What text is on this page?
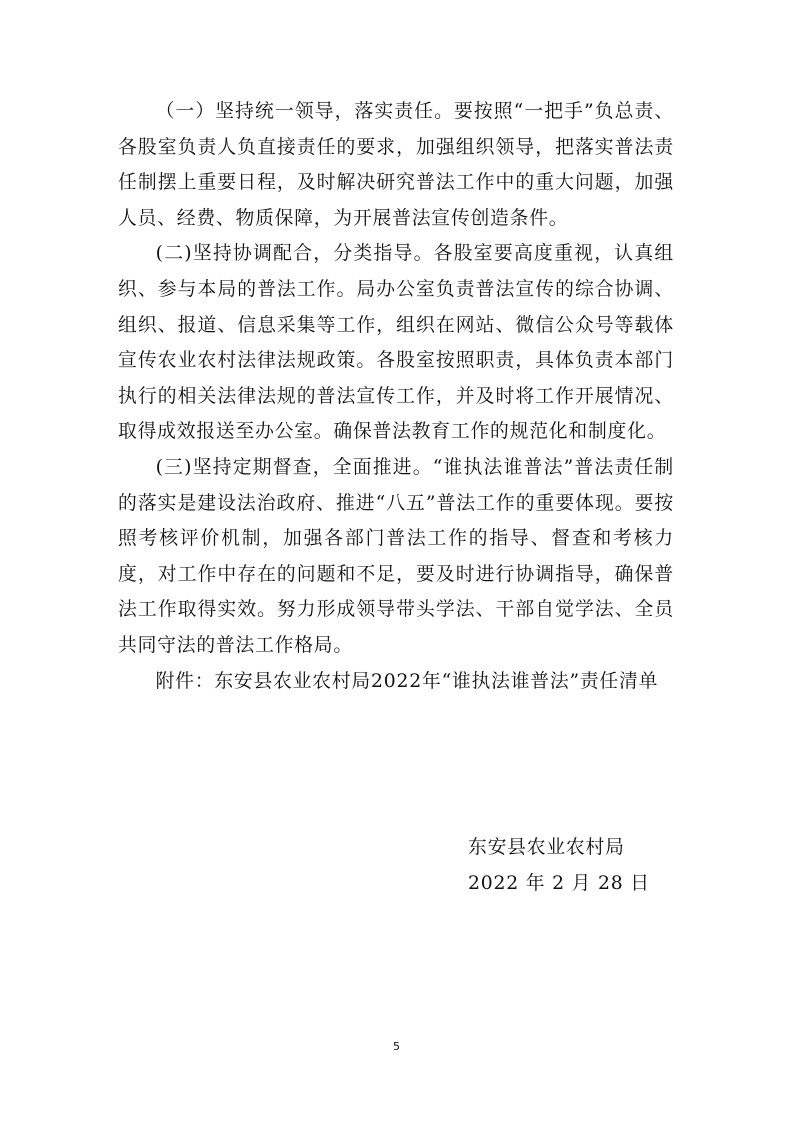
（一）坚持统一领导，落实责任。要按照“一把手”负总责、各股室负责人负直接责任的要求，加强组织领导，把落实普法责任制摆上重要日程，及时解决研究普法工作中的重大问题，加强人员、经费、物质保障，为开展普法宣传创造条件。

(二)坚持协调配合，分类指导。各股室要高度重视，认真组织、参与本局的普法工作。局办公室负责普法宣传的综合协调、组织、报道、信息采集等工作，组织在网站、微信公众号等载体宣传农业农村法律法规政策。各股室按照职责，具体负责本部门执行的相关法律法规的普法宣传工作，并及时将工作开展情况、取得成效报送至办公室。确保普法教育工作的规范化和制度化。

(三)坚持定期督查，全面推进。“谁执法谁普法”普法责任制的落实是建设法治政府、推进“八五”普法工作的重要体现。要按照考核评价机制，加强各部门普法工作的指导、督查和考核力度，对工作中存在的问题和不足，要及时进行协调指导，确保普法工作取得实效。努力形成领导带头学法、干部自觉学法、全员共同守法的普法工作格局。

附件：东安县农业农村局2022年“谁执法谁普法”责任清单

东安县农业农村局
2022 年 2 月 28 日
5
